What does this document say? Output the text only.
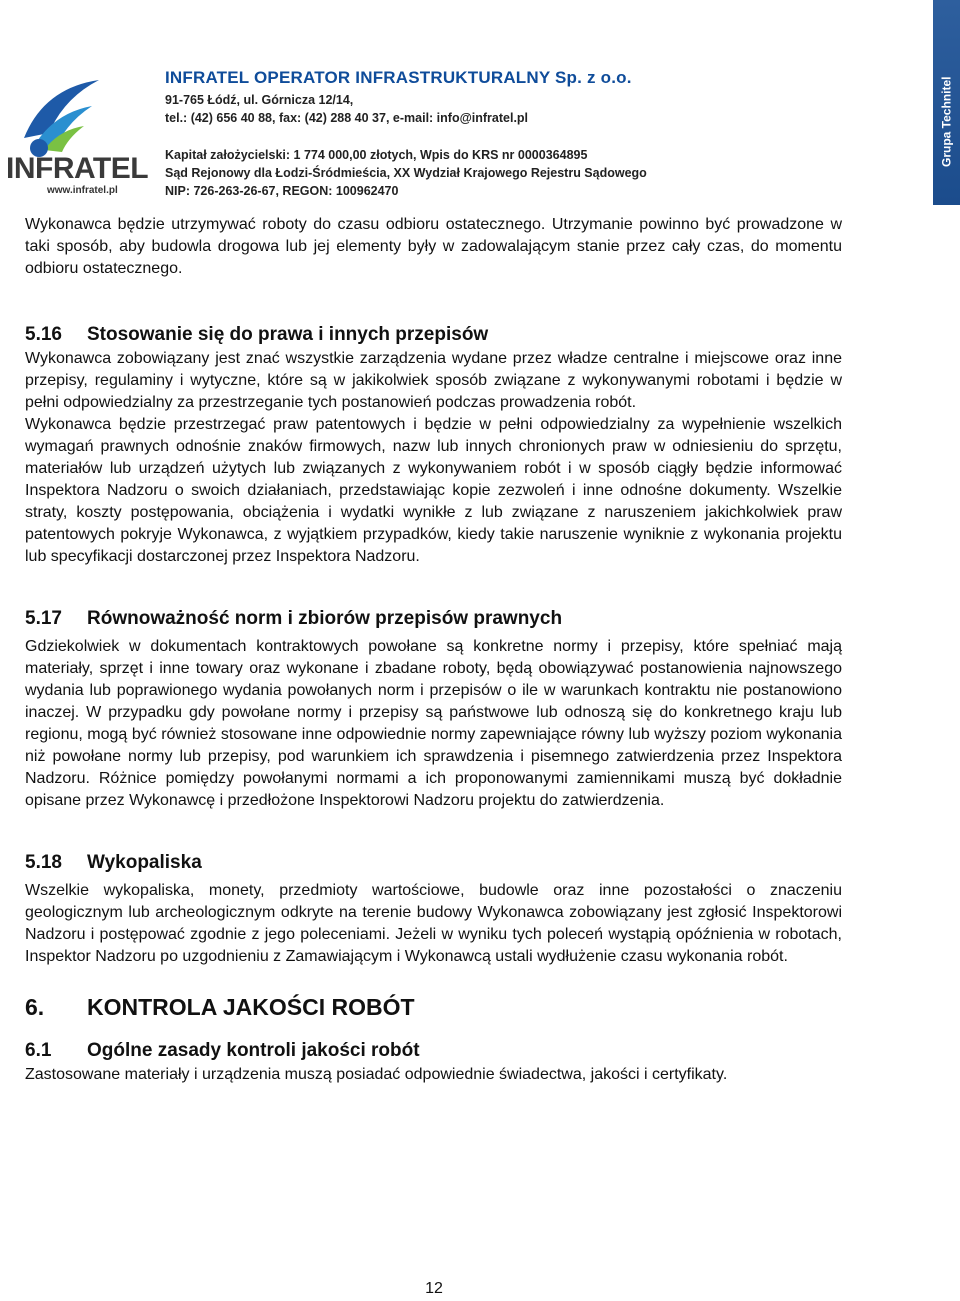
INFRATEL
www.infratel.pl
INFRATEL OPERATOR INFRASTRUKTURALNY Sp. z o.o.
91-765 Łódź, ul. Górnicza 12/14,
tel.: (42) 656 40 88, fax: (42) 288 40 37, e-mail: info@infratel.pl
Kapitał założycielski: 1 774 000,00 złotych, Wpis do KRS nr 0000364895
Sąd Rejonowy dla Łodzi-Śródmieścia, XX Wydział Krajowego Rejestru Sądowego
NIP: 726-263-26-67, REGON: 100962470
Grupa Technitel

Wykonawca będzie utrzymywać roboty do czasu odbioru ostatecznego. Utrzymanie powinno być prowadzone w taki sposób, aby budowla drogowa lub jej elementy były w zadowalającym stanie przez cały czas, do momentu odbioru ostatecznego.

5.16 Stosowanie się do prawa i innych przepisów

Wykonawca zobowiązany jest znać wszystkie zarządzenia wydane przez władze centralne i miejscowe oraz inne przepisy, regulaminy i wytyczne, które są w jakikolwiek sposób związane z wykonywanymi robotami i będzie w pełni odpowiedzialny za przestrzeganie tych postanowień podczas prowadzenia robót.

Wykonawca będzie przestrzegać praw patentowych i będzie w pełni odpowiedzialny za wypełnienie wszelkich wymagań prawnych odnośnie znaków firmowych, nazw lub innych chronionych praw w odniesieniu do sprzętu, materiałów lub urządzeń użytych lub związanych z wykonywaniem robót i w sposób ciągły będzie informować Inspektora Nadzoru o swoich działaniach, przedstawiając kopie zezwoleń i inne odnośne dokumenty. Wszelkie straty, koszty postępowania, obciążenia i wydatki wynikłe z lub związane z naruszeniem jakichkolwiek praw patentowych pokryje Wykonawca, z wyjątkiem przypadków, kiedy takie naruszenie wyniknie z wykonania projektu lub specyfikacji dostarczonej przez Inspektora Nadzoru.

5.17 Równoważność norm i zbiorów przepisów prawnych

Gdziekolwiek w dokumentach kontraktowych powołane są konkretne normy i przepisy, które spełniać mają materiały, sprzęt i inne towary oraz wykonane i zbadane roboty, będą obowiązywać postanowienia najnowszego wydania lub poprawionego wydania powołanych norm i przepisów o ile w warunkach kontraktu nie postanowiono inaczej. W przypadku gdy powołane normy i przepisy są państwowe lub odnoszą się do konkretnego kraju lub regionu, mogą być również stosowane inne odpowiednie normy zapewniające równy lub wyższy poziom wykonania niż powołane normy lub przepisy, pod warunkiem ich sprawdzenia i pisemnego zatwierdzenia przez Inspektora Nadzoru. Różnice pomiędzy powołanymi normami a ich proponowanymi zamiennikami muszą być dokładnie opisane przez Wykonawcę i przedłożone Inspektorowi Nadzoru projektu do zatwierdzenia.

5.18 Wykopaliska

Wszelkie wykopaliska, monety, przedmioty wartościowe, budowle oraz inne pozostałości o znaczeniu geologicznym lub archeologicznym odkryte na terenie budowy Wykonawca zobowiązany jest zgłosić Inspektorowi Nadzoru i postępować zgodnie z jego poleceniami. Jeżeli w wyniku tych poleceń wystąpią opóźnienia w robotach, Inspektor Nadzoru po uzgodnieniu z Zamawiającym i Wykonawcą ustali wydłużenie czasu wykonania robót.

6. KONTROLA JAKOŚCI ROBÓT
6.1 Ogólne zasady kontroli jakości robót

Zastosowane materiały i urządzenia muszą posiadać odpowiednie świadectwa, jakości i certyfikaty.

12
